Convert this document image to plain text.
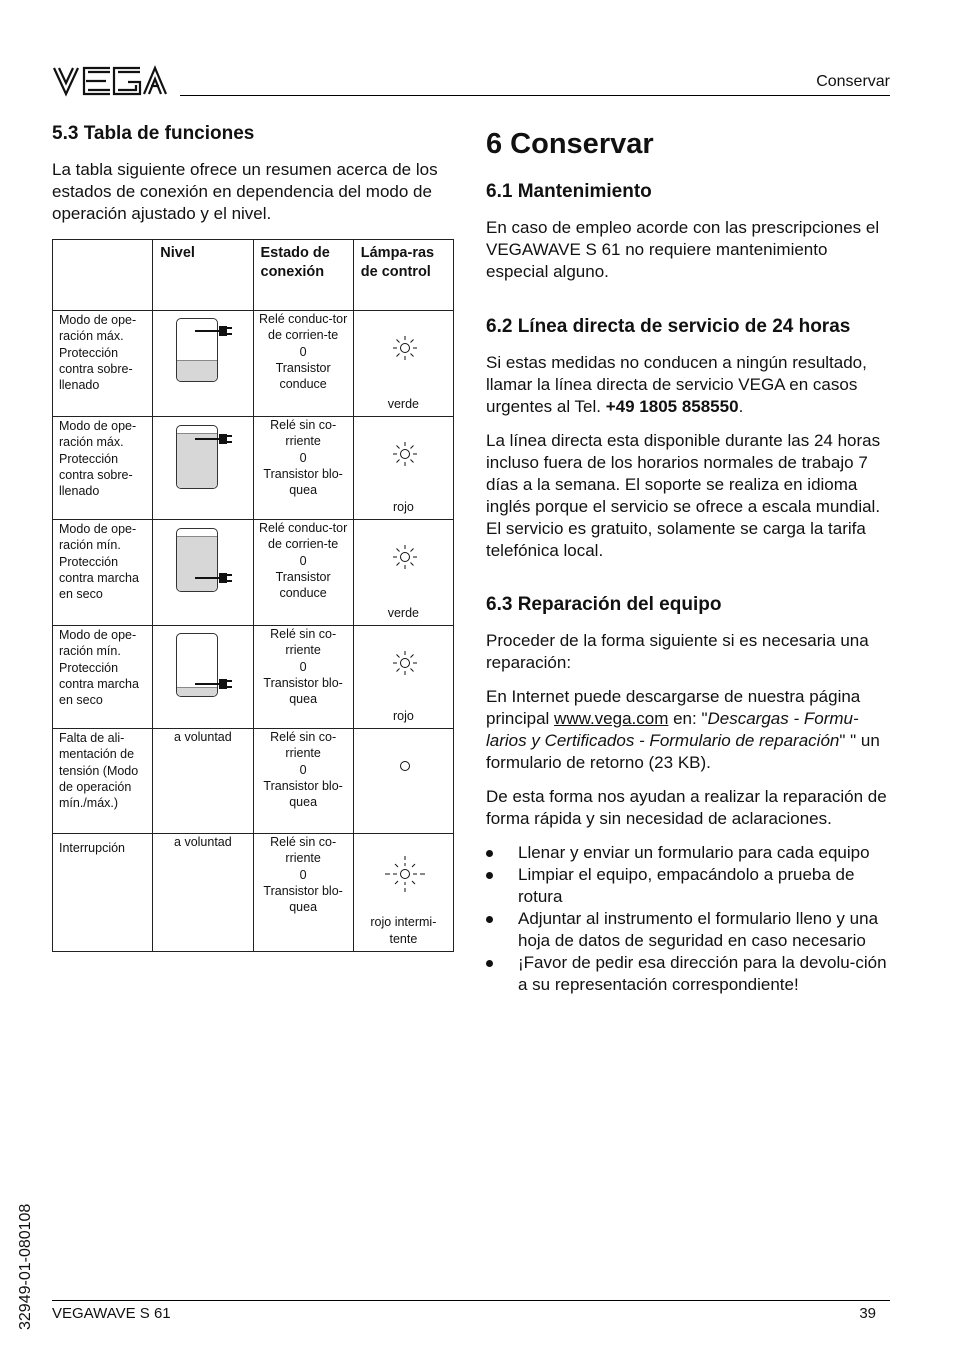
Conservar
5.3 Tabla de funciones
La tabla siguiente ofrece un resumen acerca de los estados de conexión en dependencia del modo de operación ajustado y el nivel.
	Nivel	Estado de conexión	Lámpa-ras de control
Modo de ope-ración máx. Protección contra sobre-llenado		Relé conduc-tor de corrien-te
0
Transistor conduce	verde

Modo de ope-ración máx. Protección contra sobre-llenado		Relé sin co-rriente
0
Transistor blo-quea	rojo

Modo de ope-ración mín. Protección contra marcha en seco		Relé conduc-tor de corrien-te
0
Transistor conduce	verde

Modo de ope-ración mín. Protección contra marcha en seco		Relé sin co-rriente
0
Transistor blo-quea	rojo

Falta de ali-mentación de tensión (Modo de operación mín./máx.)	a voluntad	Relé sin co-rriente
0
Transistor blo-quea	

Interrupción	a voluntad	Relé sin co-rriente
0
Transistor blo-quea	rojo intermi-tente
6 Conservar
6.1 Mantenimiento
En caso de empleo acorde con las prescripciones el VEGAWAVE S 61 no requiere mantenimiento especial alguno.
6.2 Línea directa de servicio de 24 horas
Si estas medidas no conducen a ningún resultado, llamar la línea directa de servicio VEGA en casos urgentes al Tel. +49 1805 858550.
La línea directa esta disponible durante las 24 horas incluso fuera de los horarios normales de trabajo 7 días a la semana. El soporte se realiza en idioma inglés porque el servicio se ofrece a escala mundial. El servicio es gratuito, solamente se carga la tarifa telefónica local.
6.3 Reparación del equipo
Proceder de la forma siguiente si es necesaria una reparación:
En Internet puede descargarse de nuestra página principal www.vega.com en: "Descargas - Formu-larios y Certificados - Formulario de reparación" " un formulario de retorno (23 KB).
De esta forma nos ayudan a realizar la reparación de forma rápida y sin necesidad de aclaraciones.
Llenar y enviar un formulario para cada equipo
Limpiar el equipo, empacándolo a prueba de rotura
Adjuntar al instrumento el formulario lleno y una hoja de datos de seguridad en caso necesario
¡Favor de pedir esa dirección para la devolu-ción a su representación correspondiente!
32949-01-080108 VEGAWAVE S 61	39
